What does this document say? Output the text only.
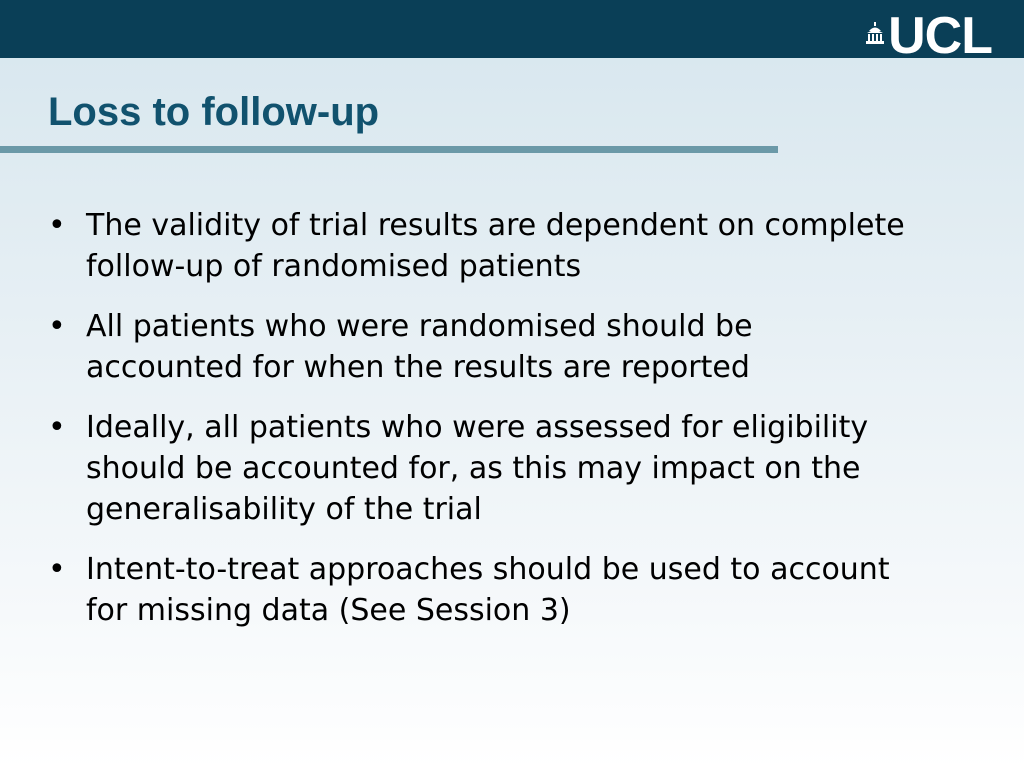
UCL
Loss to follow-up
• The validity of trial results are dependent on complete follow-up of randomised patients
• All patients who were randomised should be accounted for when the results are reported
• Ideally, all patients who were assessed for eligibility should be accounted for, as this may impact on the generalisability of the trial
• Intent-to-treat approaches should be used to account for missing data (See Session 3)
